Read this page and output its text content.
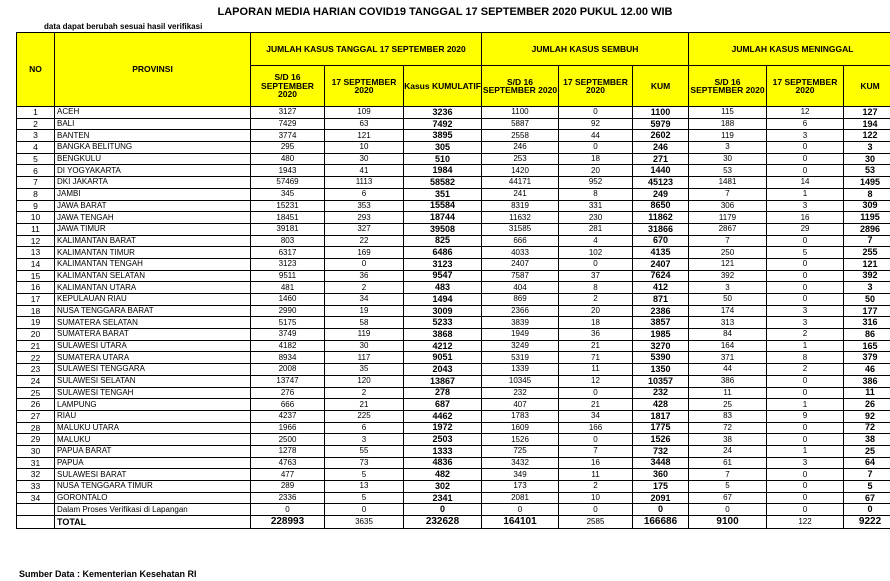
LAPORAN MEDIA HARIAN COVID19 TANGGAL 17 SEPTEMBER 2020 PUKUL 12.00 WIB
data dapat berubah sesuai hasil verifikasi
NO	PROVINSI	JUMLAH KASUS TANGGAL 17 SEPTEMBER 2020			JUMLAH KASUS SEMBUH			JUMLAH KASUS MENINGGAL		
		S/D 16 SEPTEMBER 2020	17 SEPTEMBER 2020	Kasus KUMULATIF	S/D 16 SEPTEMBER 2020	17 SEPTEMBER 2020	KUM	S/D 16 SEPTEMBER 2020	17 SEPTEMBER 2020	KUM
1	ACEH	3127	109	3236	1100	0	1100	115	12	127
2	BALI	7429	63	7492	5887	92	5979	188	6	194
3	BANTEN	3774	121	3895	2558	44	2602	119	3	122
4	BANGKA BELITUNG	295	10	305	246	0	246	3	0	3
5	BENGKULU	480	30	510	253	18	271	30	0	30
6	DI YOGYAKARTA	1943	41	1984	1420	20	1440	53	0	53
7	DKI JAKARTA	57469	1113	58582	44171	952	45123	1481	14	1495
8	JAMBI	345	6	351	241	8	249	7	1	8
9	JAWA BARAT	15231	353	15584	8319	331	8650	306	3	309
10	JAWA TENGAH	18451	293	18744	11632	230	11862	1179	16	1195
11	JAWA TIMUR	39181	327	39508	31585	281	31866	2867	29	2896
12	KALIMANTAN BARAT	803	22	825	666	4	670	7	0	7
13	KALIMANTAN TIMUR	6317	169	6486	4033	102	4135	250	5	255
14	KALIMANTAN TENGAH	3123	0	3123	2407	0	2407	121	0	121
15	KALIMANTAN SELATAN	9511	36	9547	7587	37	7624	392	0	392
16	KALIMANTAN UTARA	481	2	483	404	8	412	3	0	3
17	KEPULAUAN RIAU	1460	34	1494	869	2	871	50	0	50
18	NUSA TENGGARA BARAT	2990	19	3009	2366	20	2386	174	3	177
19	SUMATERA SELATAN	5175	58	5233	3839	18	3857	313	3	316
20	SUMATERA BARAT	3749	119	3868	1949	36	1985	84	2	86
21	SULAWESI UTARA	4182	30	4212	3249	21	3270	164	1	165
22	SUMATERA UTARA	8934	117	9051	5319	71	5390	371	8	379
23	SULAWESI TENGGARA	2008	35	2043	1339	11	1350	44	2	46
24	SULAWESI SELATAN	13747	120	13867	10345	12	10357	386	0	386
25	SULAWESI TENGAH	276	2	278	232	0	232	11	0	11
26	LAMPUNG	666	21	687	407	21	428	25	1	26
27	RIAU	4237	225	4462	1783	34	1817	83	9	92
28	MALUKU UTARA	1966	6	1972	1609	166	1775	72	0	72
29	MALUKU	2500	3	2503	1526	0	1526	38	0	38
30	PAPUA BARAT	1278	55	1333	725	7	732	24	1	25
31	PAPUA	4763	73	4836	3432	16	3448	61	3	64
32	SULAWESI BARAT	477	5	482	349	11	360	7	0	7
33	NUSA TENGGARA TIMUR	289	13	302	173	2	175	5	0	5
34	GORONTALO	2336	5	2341	2081	10	2091	67	0	67
	Dalam Proses Verifikasi di Lapangan	0	0	0	0	0	0	0	0	0
	TOTAL	228993	3635	232628	164101	2585	166686	9100	122	9222
Sumber Data : Kementerian Kesehatan RI
